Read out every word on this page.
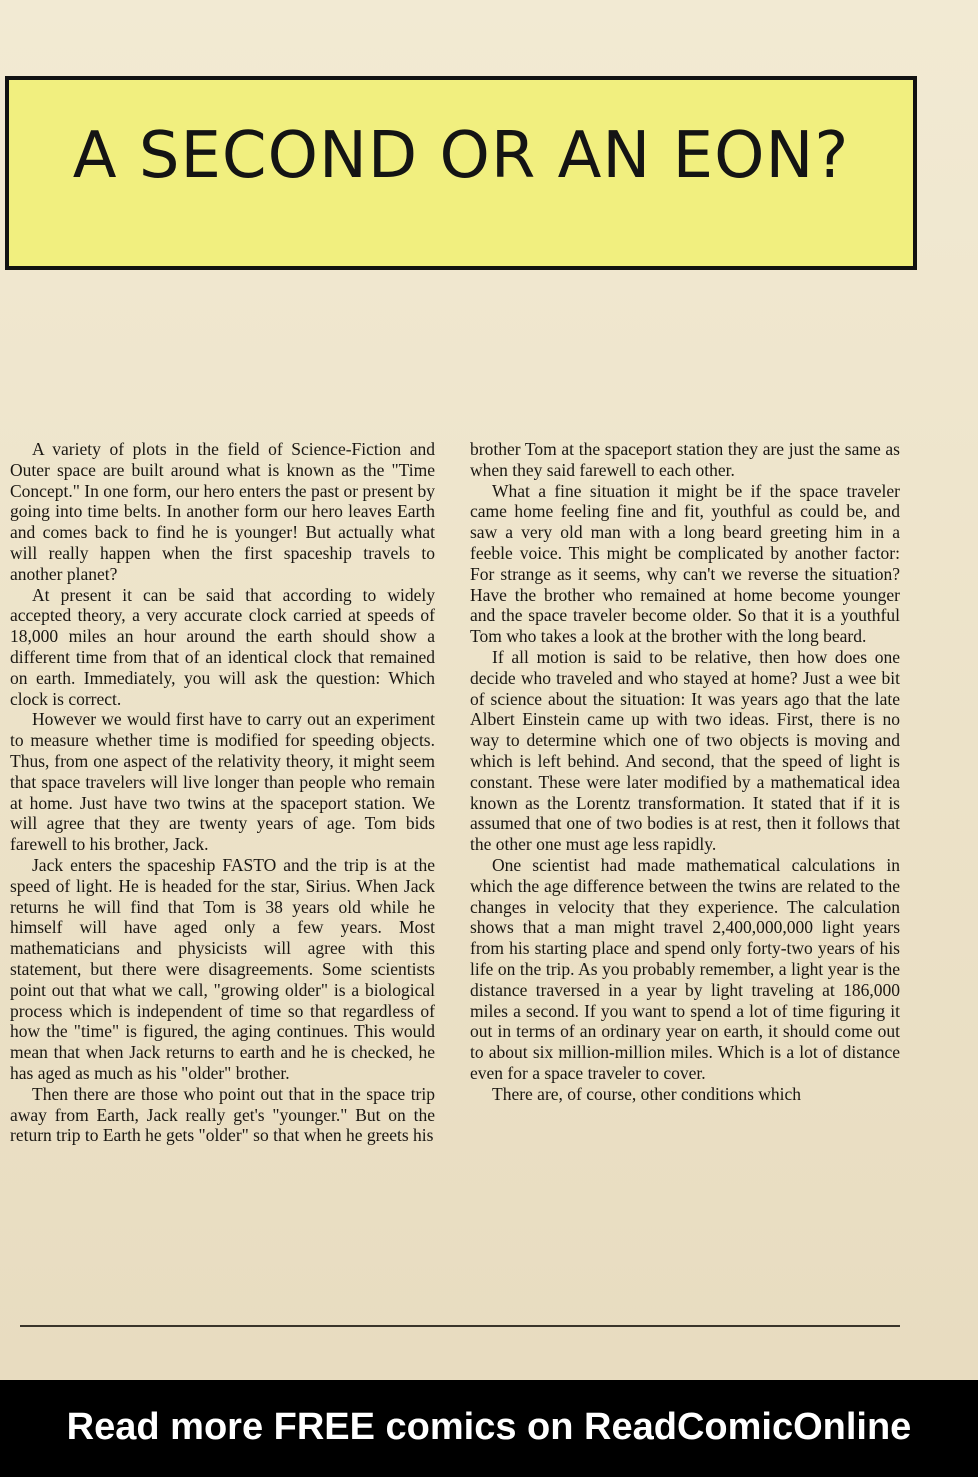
A SECOND OR AN EON?

A variety of plots in the field of Science-Fiction and Outer space are built around what is known as the "Time Concept." In one form, our hero enters the past or present by going into time belts. In another form our hero leaves Earth and comes back to find he is younger! But actually what will really happen when the first spaceship travels to another planet?

At present it can be said that according to widely accepted theory, a very accurate clock carried at speeds of 18,000 miles an hour around the earth should show a different time from that of an identical clock that remained on earth. Immediately, you will ask the question: Which clock is correct.

However we would first have to carry out an experiment to measure whether time is modified for speeding objects. Thus, from one aspect of the relativity theory, it might seem that space travelers will live longer than people who remain at home. Just have two twins at the spaceport station. We will agree that they are twenty years of age. Tom bids farewell to his brother, Jack.

Jack enters the spaceship FASTO and the trip is at the speed of light. He is headed for the star, Sirius. When Jack returns he will find that Tom is 38 years old while he himself will have aged only a few years. Most mathematicians and physicists will agree with this statement, but there were disagreements. Some scientists point out that what we call, "growing older" is a biological process which is independent of time so that regardless of how the "time" is figured, the aging continues. This would mean that when Jack returns to earth and he is checked, he has aged as much as his "older" brother.

Then there are those who point out that in the space trip away from Earth, Jack really get's "younger." But on the return trip to Earth he gets "older" so that when he greets his

brother Tom at the spaceport station they are just the same as when they said farewell to each other.

What a fine situation it might be if the space traveler came home feeling fine and fit, youthful as could be, and saw a very old man with a long beard greeting him in a feeble voice. This might be complicated by another factor: For strange as it seems, why can't we reverse the situation? Have the brother who remained at home become younger and the space traveler become older. So that it is a youthful Tom who takes a look at the brother with the long beard.

If all motion is said to be relative, then how does one decide who traveled and who stayed at home? Just a wee bit of science about the situation: It was years ago that the late Albert Einstein came up with two ideas. First, there is no way to determine which one of two objects is moving and which is left behind. And second, that the speed of light is constant. These were later modified by a mathematical idea known as the Lorentz transformation. It stated that if it is assumed that one of two bodies is at rest, then it follows that the other one must age less rapidly.

One scientist had made mathematical calculations in which the age difference between the twins are related to the changes in velocity that they experience. The calculation shows that a man might travel 2,400,000,000 light years from his starting place and spend only forty-two years of his life on the trip. As you probably remember, a light year is the distance traversed in a year by light traveling at 186,000 miles a second. If you want to spend a lot of time figuring it out in terms of an ordinary year on earth, it should come out to about six million-million miles. Which is a lot of distance even for a space traveler to cover.

There are, of course, other conditions which

Read more FREE comics on ReadComicOnline
